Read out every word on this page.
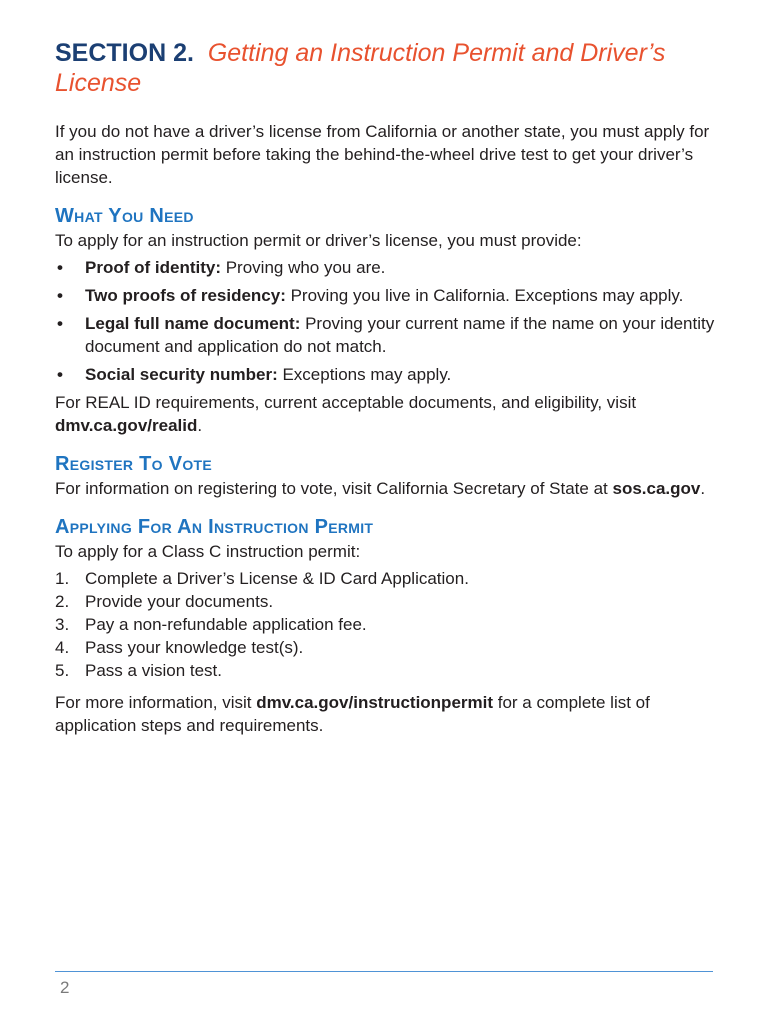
SECTION 2. Getting an Instruction Permit and Driver’s License

If you do not have a driver’s license from California or another state, you must apply for an instruction permit before taking the behind-the-wheel drive test to get your driver’s license.

What You Need

To apply for an instruction permit or driver’s license, you must provide:

• Proof of identity: Proving who you are.
• Two proofs of residency: Proving you live in California. Exceptions may apply.
• Legal full name document: Proving your current name if the name on your identity document and application do not match.
• Social security number: Exceptions may apply.

For REAL ID requirements, current acceptable documents, and eligibility, visit dmv.ca.gov/realid.

Register To Vote

For information on registering to vote, visit California Secretary of State at sos.ca.gov.

Applying For An Instruction Permit

To apply for a Class C instruction permit:

1. Complete a Driver’s License & ID Card Application.
2. Provide your documents.
3. Pay a non-refundable application fee.
4. Pass your knowledge test(s).
5. Pass a vision test.

For more information, visit dmv.ca.gov/instructionpermit for a complete list of application steps and requirements.

2
